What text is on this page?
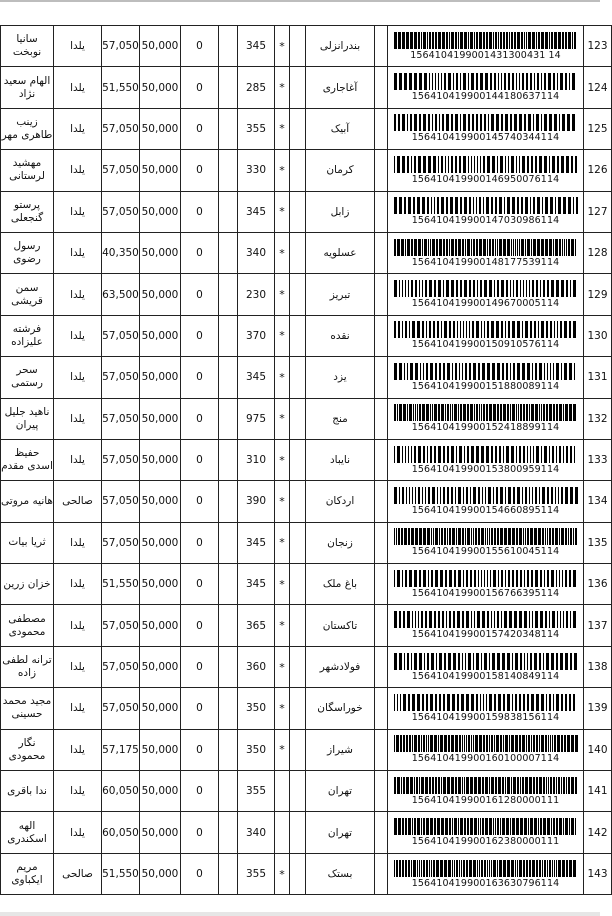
سانیا نوبخت	یلدا	57,050	50,000	0		345	*		بندرانزلی		1564104199001431300431 14	123
الهام سعید نژاد	یلدا	51,550	50,000	0		285	*		آغاجاری		156410419900144180637114	124
زینب طاهری مهر	یلدا	57,050	50,000	0		355	*		آبیک		156410419900145740344114	125
مهشید لرستانی	یلدا	57,050	50,000	0		330	*		کرمان		156410419900146950076114	126
پرستو گنجعلی	یلدا	57,050	50,000	0		345	*		زابل		156410419900147030986114	127
رسول رضوی	یلدا	40,350	50,000	0		340	*		عسلویه		156410419900148177539114	128
سمن قریشی	یلدا	63,500	50,000	0		230	*		تبریز		156410419900149670005114	129
فرشته علیزاده	یلدا	57,050	50,000	0		370	*		نقده		156410419900150910576114	130
سحر رستمی	یلدا	57,050	50,000	0		345	*		یزد		156410419900151880089114	131
ناهید جلیل پیران	یلدا	57,050	50,000	0		975	*		منج		156410419900152418899114	132
حفیظ اسدی مقدم	یلدا	57,050	50,000	0		310	*		نایباد		156410419900153800959114	133
هانیه مروتی	صالحی	57,050	50,000	0		390	*		اردکان		156410419900154660895114	134
ثریا بیات	یلدا	57,050	50,000	0		345	*		زنجان		156410419900155610045114	135
خزان زرین	یلدا	51,550	50,000	0		345	*		باغ ملک		156410419900156766395114	136
مصطفی محمودی	یلدا	57,050	50,000	0		365	*		تاکستان		156410419900157420348114	137
ترانه لطفی زاده	یلدا	57,050	50,000	0		360	*		فولادشهر		156410419900158140849114	138
مجید محمد حسینی	یلدا	57,050	50,000	0		350	*		خوراسگان		156410419900159838156114	139
نگار محمودی	یلدا	57,175	50,000	0		350	*		شیراز		156410419900160100007114	140
ندا باقری	یلدا	60,050	50,000	0		355			تهران		156410419900161280000111	141
الهه اسکندری	یلدا	60,050	50,000	0		340			تهران		156410419900162380000111	142
مریم ایکباوی	صالحی	51,550	50,000	0		355	*		بستک		156410419900163630796114	143
